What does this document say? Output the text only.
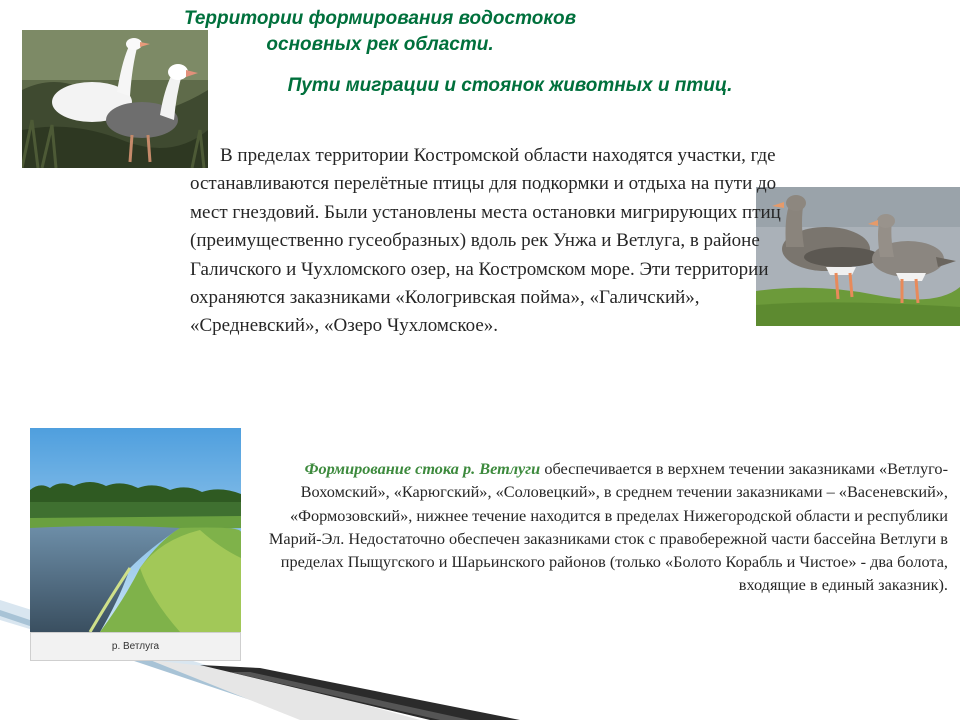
р. Ветлуга
Территории формирования водостоков
основных рек области.
Пути миграции и стоянок животных и птиц.
В пределах территории Костромской области находятся участки, где останавливаются перелётные птицы для подкормки и отдыха на пути до мест гнездовий. Были установлены места остановки мигрирующих птиц (преимущественно гусеобразных) вдоль рек Унжа и Ветлуга, в районе Галичского и Чухломского озер, на Костромском море. Эти территории охраняются заказниками «Кологривская пойма», «Галичский», «Средневский», «Озеро Чухломское».
Формирование стока р. Ветлуги обеспечивается в верхнем течении заказниками «Ветлуго-Вохомский», «Карюгский», «Соловецкий», в среднем течении заказниками – «Васеневский», «Формозовский», нижнее течение находится в пределах Нижегородской области и республики Марий-Эл. Недостаточно обеспечен заказниками сток с правобережной части бассейна Ветлуги в пределах Пыщугского и Шарьинского районов (только «Болото Корабль и Чистое» - два болота, входящие в единый заказник).
